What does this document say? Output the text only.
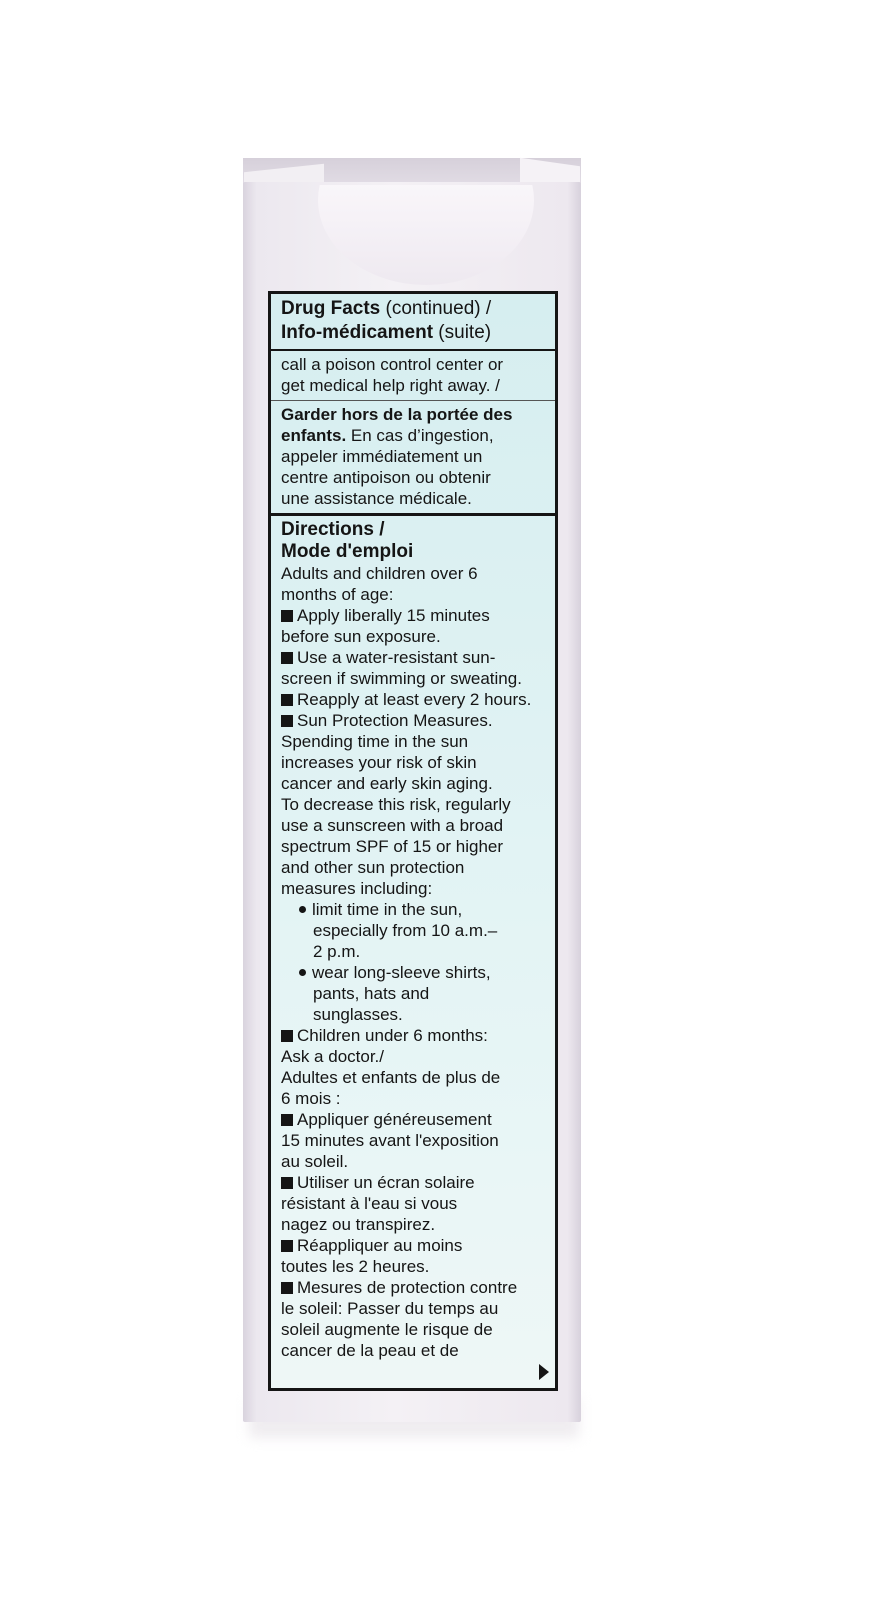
Drug Facts (continued) /
Info-médicament (suite)
call a poison control center or
get medical help right away. /
Garder hors de la portée des
enfants. En cas d’ingestion,
appeler immédiatement un
centre antipoison ou obtenir
une assistance médicale.
Directions /
Mode d'emploi
Adults and children over 6
months of age:
Apply liberally 15 minutes
before sun exposure.
Use a water-resistant sun-
screen if swimming or sweating.
Reapply at least every 2 hours.
Sun Protection Measures.
Spending time in the sun
increases your risk of skin
cancer and early skin aging.
To decrease this risk, regularly
use a sunscreen with a broad
spectrum SPF of 15 or higher
and other sun protection
measures including:
limit time in the sun,
especially from 10 a.m.–
2 p.m.
wear long-sleeve shirts,
pants, hats and
sunglasses.
Children under 6 months:
Ask a doctor./
Adultes et enfants de plus de
6 mois :
Appliquer généreusement
15 minutes avant l'exposition
au soleil.
Utiliser un écran solaire
résistant à l'eau si vous
nagez ou transpirez.
Réappliquer au moins
toutes les 2 heures.
Mesures de protection contre
le soleil: Passer du temps au
soleil augmente le risque de
cancer de la peau et de
